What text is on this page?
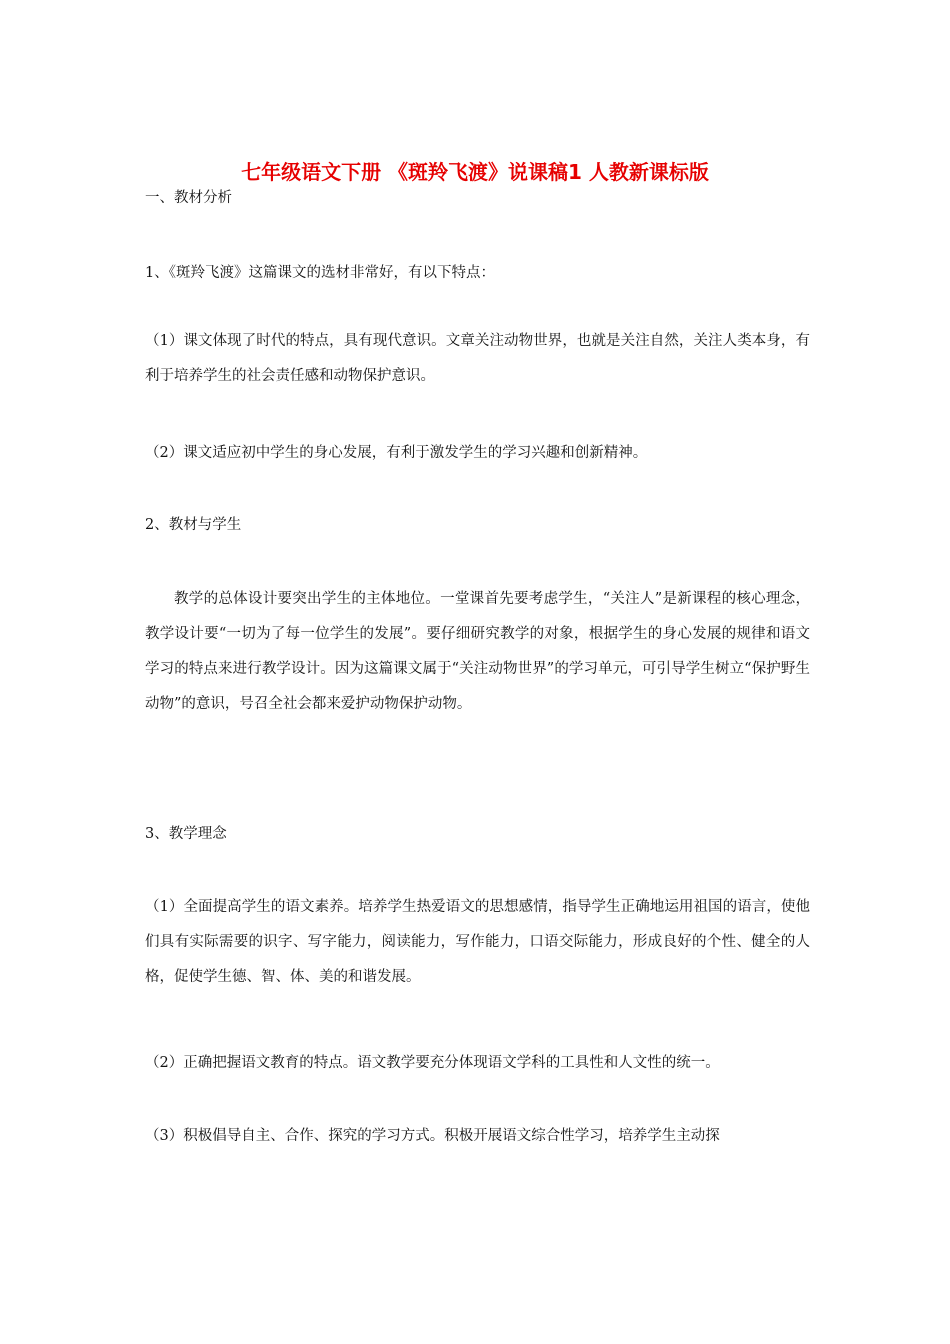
七年级语文下册 《斑羚飞渡》说课稿1 人教新课标版

一、教材分析

1、《斑羚飞渡》这篇课文的选材非常好，有以下特点：

（1）课文体现了时代的特点，具有现代意识。文章关注动物世界，也就是关注自然，关注人类本身，有利于培养学生的社会责任感和动物保护意识。

（2）课文适应初中学生的身心发展，有利于激发学生的学习兴趣和创新精神。

2、教材与学生

教学的总体设计要突出学生的主体地位。一堂课首先要考虑学生，“关注人”是新课程的核心理念，教学设计要“一切为了每一位学生的发展”。要仔细研究教学的对象，根据学生的身心发展的规律和语文学习的特点来进行教学设计。因为这篇课文属于“关注动物世界”的学习单元，可引导学生树立“保护野生动物”的意识，号召全社会都来爱护动物保护动物。

3、教学理念

（1）全面提高学生的语文素养。培养学生热爱语文的思想感情，指导学生正确地运用祖国的语言，使他们具有实际需要的识字、写字能力，阅读能力，写作能力，口语交际能力，形成良好的个性、健全的人格，促使学生德、智、体、美的和谐发展。

（2）正确把握语文教育的特点。语文教学要充分体现语文学科的工具性和人文性的统一。

（3）积极倡导自主、合作、探究的学习方式。积极开展语文综合性学习，培养学生主动探
